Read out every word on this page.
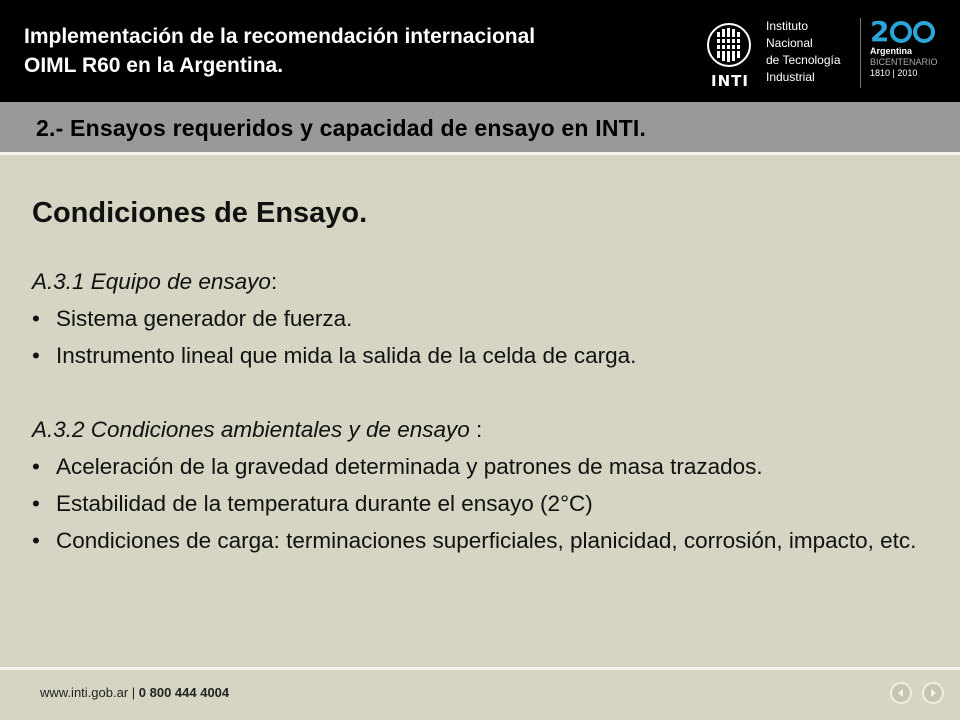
Implementación de la recomendación internacional
OIML R60 en la Argentina.
INTI
Instituto
Nacional
de Tecnología
Industrial
2
Argentina
BICENTENARIO
1810 | 2010
2.- Ensayos requeridos y capacidad de ensayo en INTI.
Condiciones de Ensayo.
A.3.1 Equipo de ensayo:
• Sistema generador de fuerza.
• Instrumento lineal que mida la salida de la celda de carga.
A.3.2 Condiciones ambientales y de ensayo :
• Aceleración de la gravedad determinada y patrones de masa trazados.
• Estabilidad de la temperatura durante el ensayo (2°C)
• Condiciones de carga: terminaciones superficiales, planicidad, corrosión, impacto, etc.
www.inti.gob.ar | 0 800 444 4004
